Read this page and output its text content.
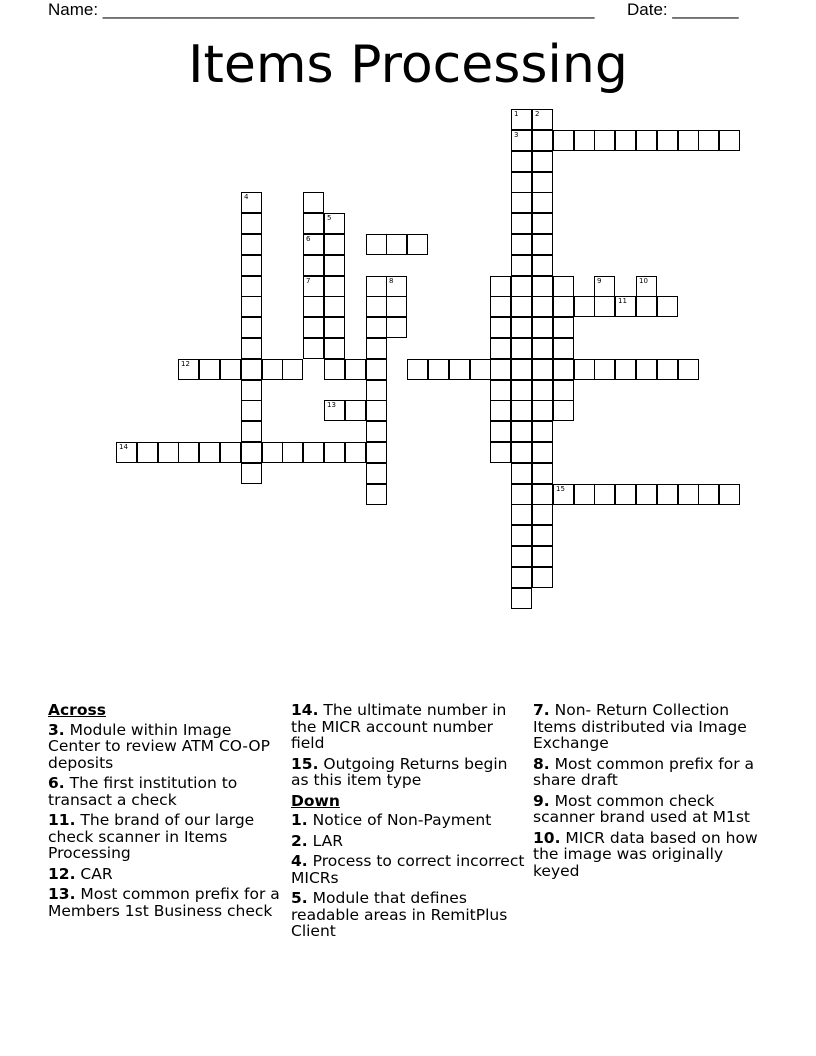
Name: ____________________________________________________ Date: _______
Items Processing
3
5
6
4
7	8
11
12
13
14
15
1 2
9	10
Across
3. Module within Image Center to review ATM CO-OP deposits
6. The first institution to transact a check
11. The brand of our large check scanner in Items Processing
12. CAR
13. Most common prefix for a Members 1st Business check
14. The ultimate number in the MICR account number field
15. Outgoing Returns begin as this item type
Down
1. Notice of Non-Payment
2. LAR
4. Process to correct incorrect MICRs
5. Module that defines readable areas in RemitPlus Client
7. Non- Return Collection Items distributed via Image Exchange
8. Most common prefix for a share draft
9. Most common check scanner brand used at M1st
10. MICR data based on how the image was originally keyed
